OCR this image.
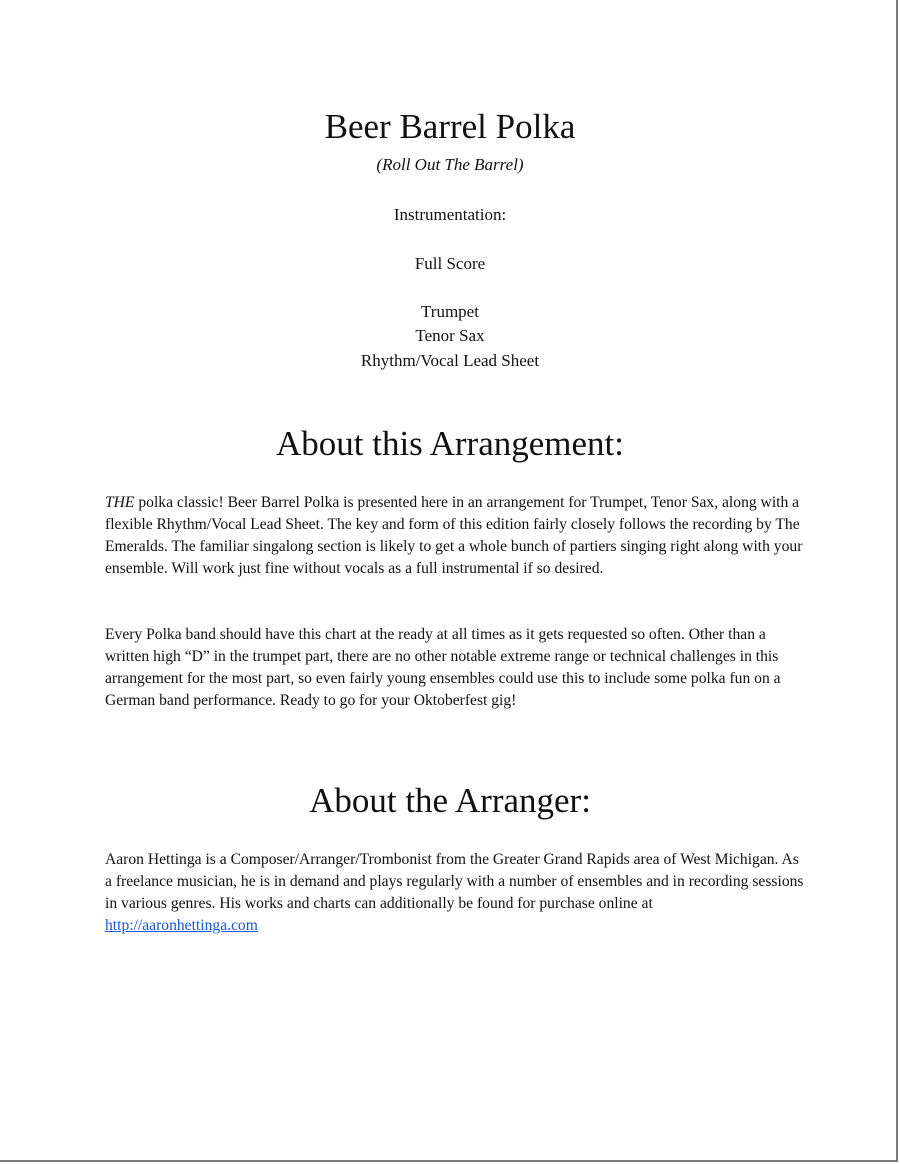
Beer Barrel Polka
(Roll Out The Barrel)
Instrumentation:
Full Score
Trumpet
Tenor Sax
Rhythm/Vocal Lead Sheet
About this Arrangement:

THE polka classic! Beer Barrel Polka is presented here in an arrangement for Trumpet, Tenor Sax, along with a flexible Rhythm/Vocal Lead Sheet. The key and form of this edition fairly closely follows the recording by The Emeralds. The familiar singalong section is likely to get a whole bunch of partiers singing right along with your ensemble. Will work just fine without vocals as a full instrumental if so desired.

Every Polka band should have this chart at the ready at all times as it gets requested so often. Other than a written high “D” in the trumpet part, there are no other notable extreme range or technical challenges in this arrangement for the most part, so even fairly young ensembles could use this to include some polka fun on a German band performance. Ready to go for your Oktoberfest gig!

About the Arranger:

Aaron Hettinga is a Composer/Arranger/Trombonist from the Greater Grand Rapids area of West Michigan. As a freelance musician, he is in demand and plays regularly with a number of ensembles and in recording sessions in various genres. His works and charts can additionally be found for purchase online at http://aaronhettinga.com
